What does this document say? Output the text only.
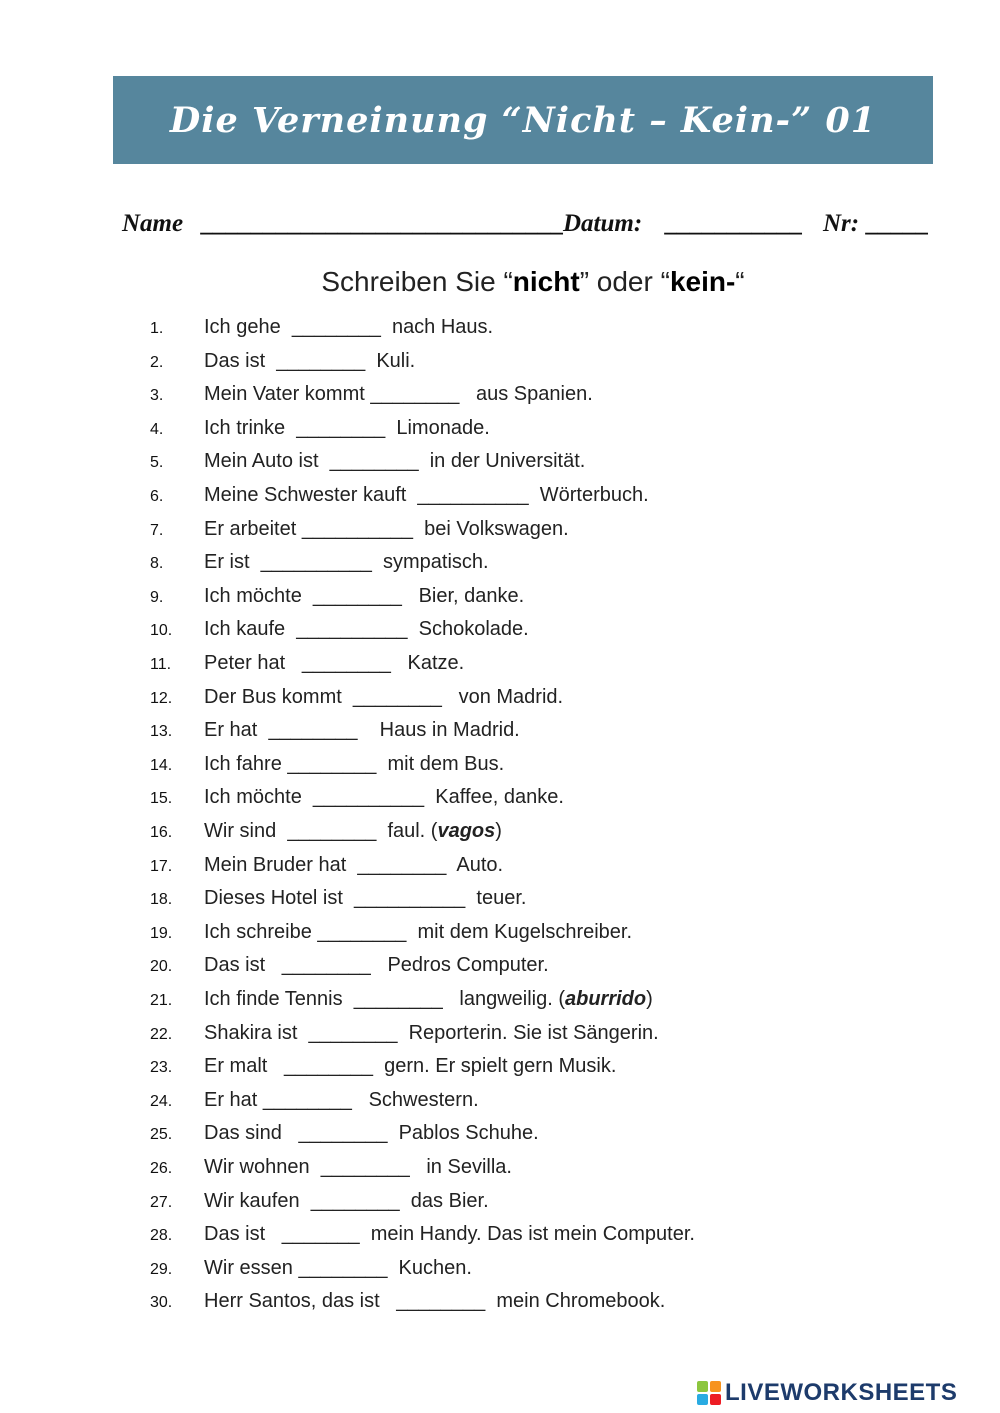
Die Verneinung “Nicht – Kein-” 01
Name _____________________________
Datum: ___________ Nr: _____
Schreiben Sie “nicht” oder “kein-“
1.	Ich gehe  ________  nach Haus.
2.	Das ist  ________  Kuli.
3.	Mein Vater kommt ________   aus Spanien.
4.	Ich trinke  ________  Limonade.
5.	Mein Auto ist  ________  in der Universität.
6.	Meine Schwester kauft  __________  Wörterbuch.
7.	Er arbeitet __________  bei Volkswagen.
8.	Er ist  __________  sympatisch.
9.	Ich möchte  ________   Bier, danke.
10.	Ich kaufe  __________  Schokolade.
11.	Peter hat   ________   Katze.
12.	Der Bus kommt  ________   von Madrid.
13.	Er hat  ________    Haus in Madrid.
14.	Ich fahre ________  mit dem Bus.
15.	Ich möchte  __________  Kaffee, danke.
16.	Wir sind  ________  faul. (vagos)
17.	Mein Bruder hat  ________  Auto.
18.	Dieses Hotel ist  __________  teuer.
19.	Ich schreibe ________  mit dem Kugelschreiber.
20.	Das ist   ________   Pedros Computer.
21.	Ich finde Tennis  ________   langweilig. (aburrido)
22.	Shakira ist  ________  Reporterin. Sie ist Sängerin.
23.	Er malt   ________  gern. Er spielt gern Musik.
24.	Er hat ________   Schwestern.
25.	Das sind   ________  Pablos Schuhe.
26.	Wir wohnen  ________   in Sevilla.
27.	Wir kaufen  ________  das Bier.
28.	Das ist   _______  mein Handy. Das ist mein Computer.
29.	Wir essen ________  Kuchen.
30.	Herr Santos, das ist   ________  mein Chromebook.
LIVEWORKSHEETS
